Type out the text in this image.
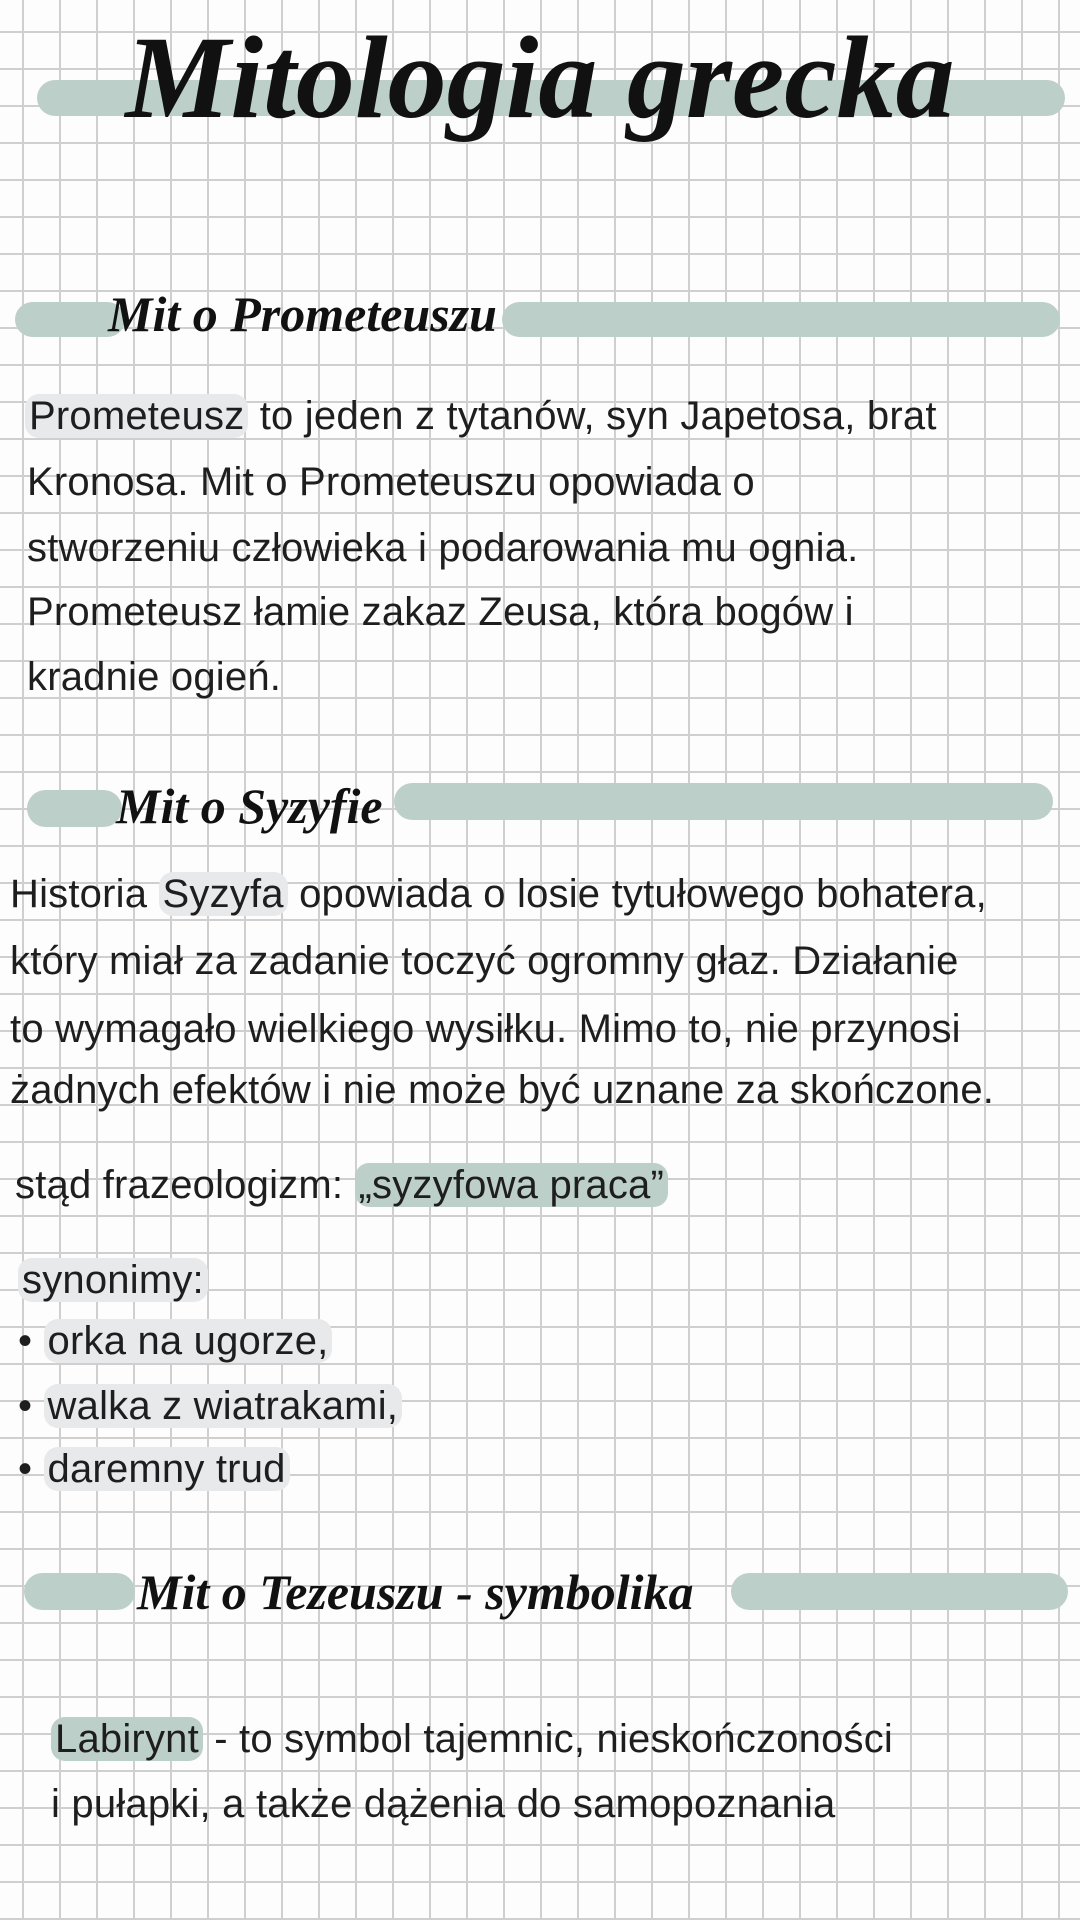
Mitologia grecka
Mit o Prometeuszu
Prometeusz to jeden z tytanów, syn Japetosa, brat
Kronosa. Mit o Prometeuszu opowiada o
stworzeniu człowieka i podarowania mu ognia.
Prometeusz łamie zakaz Zeusa, która bogów i
kradnie ogień.
Mit o Syzyfie
Historia Syzyfa opowiada o losie tytułowego bohatera,
który miał za zadanie toczyć ogromny głaz. Działanie
to wymagało wielkiego wysiłku. Mimo to, nie przynosi
żadnych efektów i nie może być uznane za skończone.
stąd frazeologizm: „syzyfowa praca”
synonimy:
• orka na ugorze,
• walka z wiatrakami,
• daremny trud
Mit o Tezeuszu - symbolika
Labirynt - to symbol tajemnic, nieskończoności
i pułapki, a także dążenia do samopoznania
